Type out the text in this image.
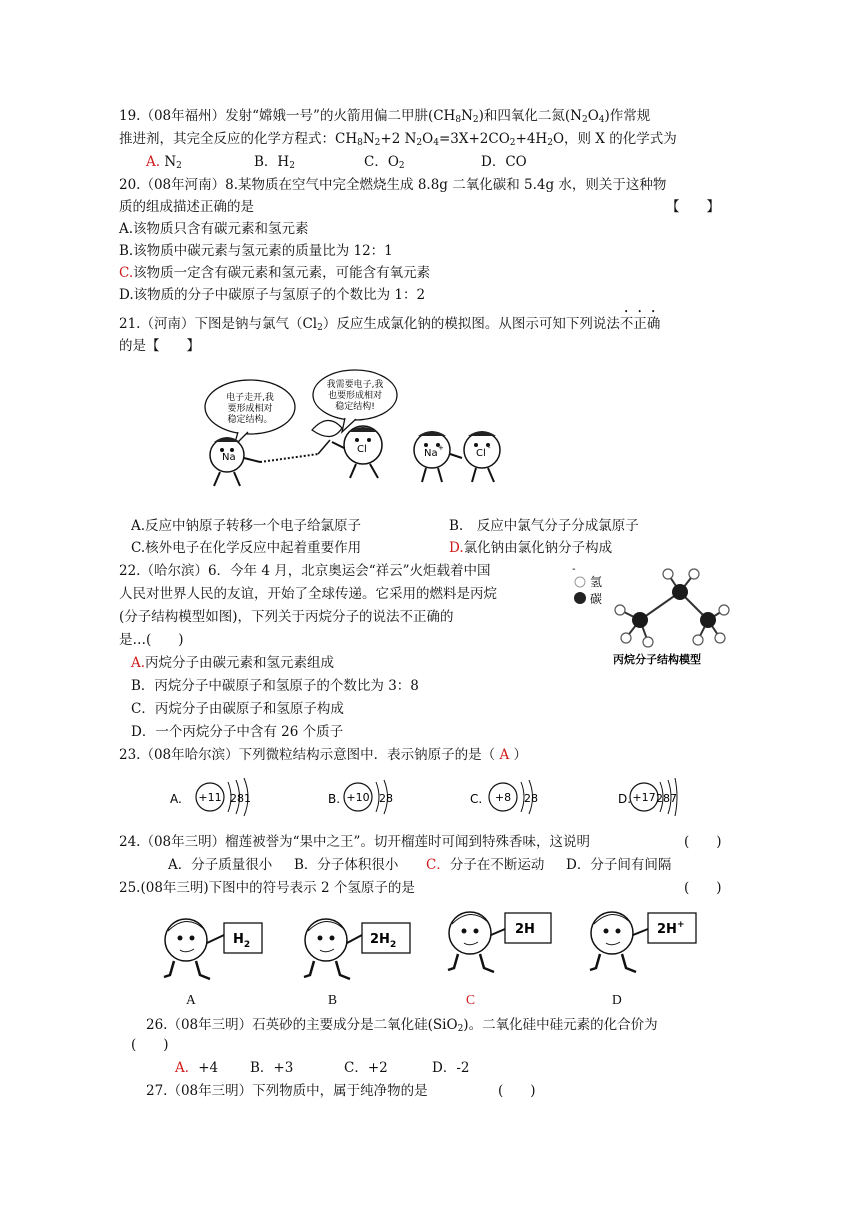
19.（08年福州）发射“嫦娥一号”的火箭用偏二甲肼$(CH_8N_2)$和四氧化二氮$(N_2O_4)$作常规
推进剂，其完全反应的化学方程式：$CH_8N_2+2$ $N_2O_4=3X+2CO_2+4H_2O$，则 X 的化学式为
A. $N_2$	B．$H_2$	C．$O_2$	D．CO
20.（08年河南）8.某物质在空气中完全燃烧生成 8.8g 二氧化碳和 5.4g 水，则关于这种物
质的组成描述正确的是	【　　】
A.该物质只含有碳元素和氢元素
B.该物质中碳元素与氢元素的质量比为 12：1
C.该物质一定含有碳元素和氢元素，可能含有氧元素
D.该物质的分子中碳原子与氢原子的个数比为 1：2
21.（河南）下图是钠与氯气$(Cl_2)$反应生成氯化钠的模拟图。从图示可知下列说法不正确
的是【　　】
电子走开,我
要形成相对
稳定结构。
我需要电子,我
也要形成相对
稳定结构!
Na
Cl	Na +	Cl -
A.反应中钠原子转移一个电子给氯原子	B.　反应中氯气分子分成氯原子
C.核外电子在化学反应中起着重要作用	D.氯化钠由氯化钠分子构成
22.（哈尔滨）6．今年 4 月，北京奥运会“祥云”火炬载着中国
人民对世界人民的友谊，开始了全球传递。它采用的燃料是丙烷
(分子结构模型如图)，下列关于丙烷分子的说法不正确的
是…(　　)
-
氢
碳
丙烷分子结构模型
A.丙烷分子由碳元素和氢元素组成
B．丙烷分子中碳原子和氢原子的个数比为 3：8
C．丙烷分子由碳原子和氢原子构成
D．一个丙烷分子中含有 26 个质子
23.（08年哈尔滨）下列微粒结构示意图中．表示钠原子的是（ A ）
A. +11 281	B. +10 28	C. +8 28	D. +17 287
24.（08年三明）榴莲被誉为“果中之王”。切开榴莲时可闻到特殊香味，这说明	(　　)
A．分子质量很小 B．分子体积很小 C．分子在不断运动 D．分子间有间隔
25.(08年三明)下图中的符号表示 2 个氢原子的是	(　　)
$H_2$	$2H_2$
2H	2H+
A	B	C	D
26.（08年三明）石英砂的主要成分是二氧化硅(SiO$_2$)。二氧化硅中硅元素的化合价为
(　　)
A．+4 B．+3	C．+2	D．-2
27.（08年三明）下列物质中，属于纯净物的是	(　　)
